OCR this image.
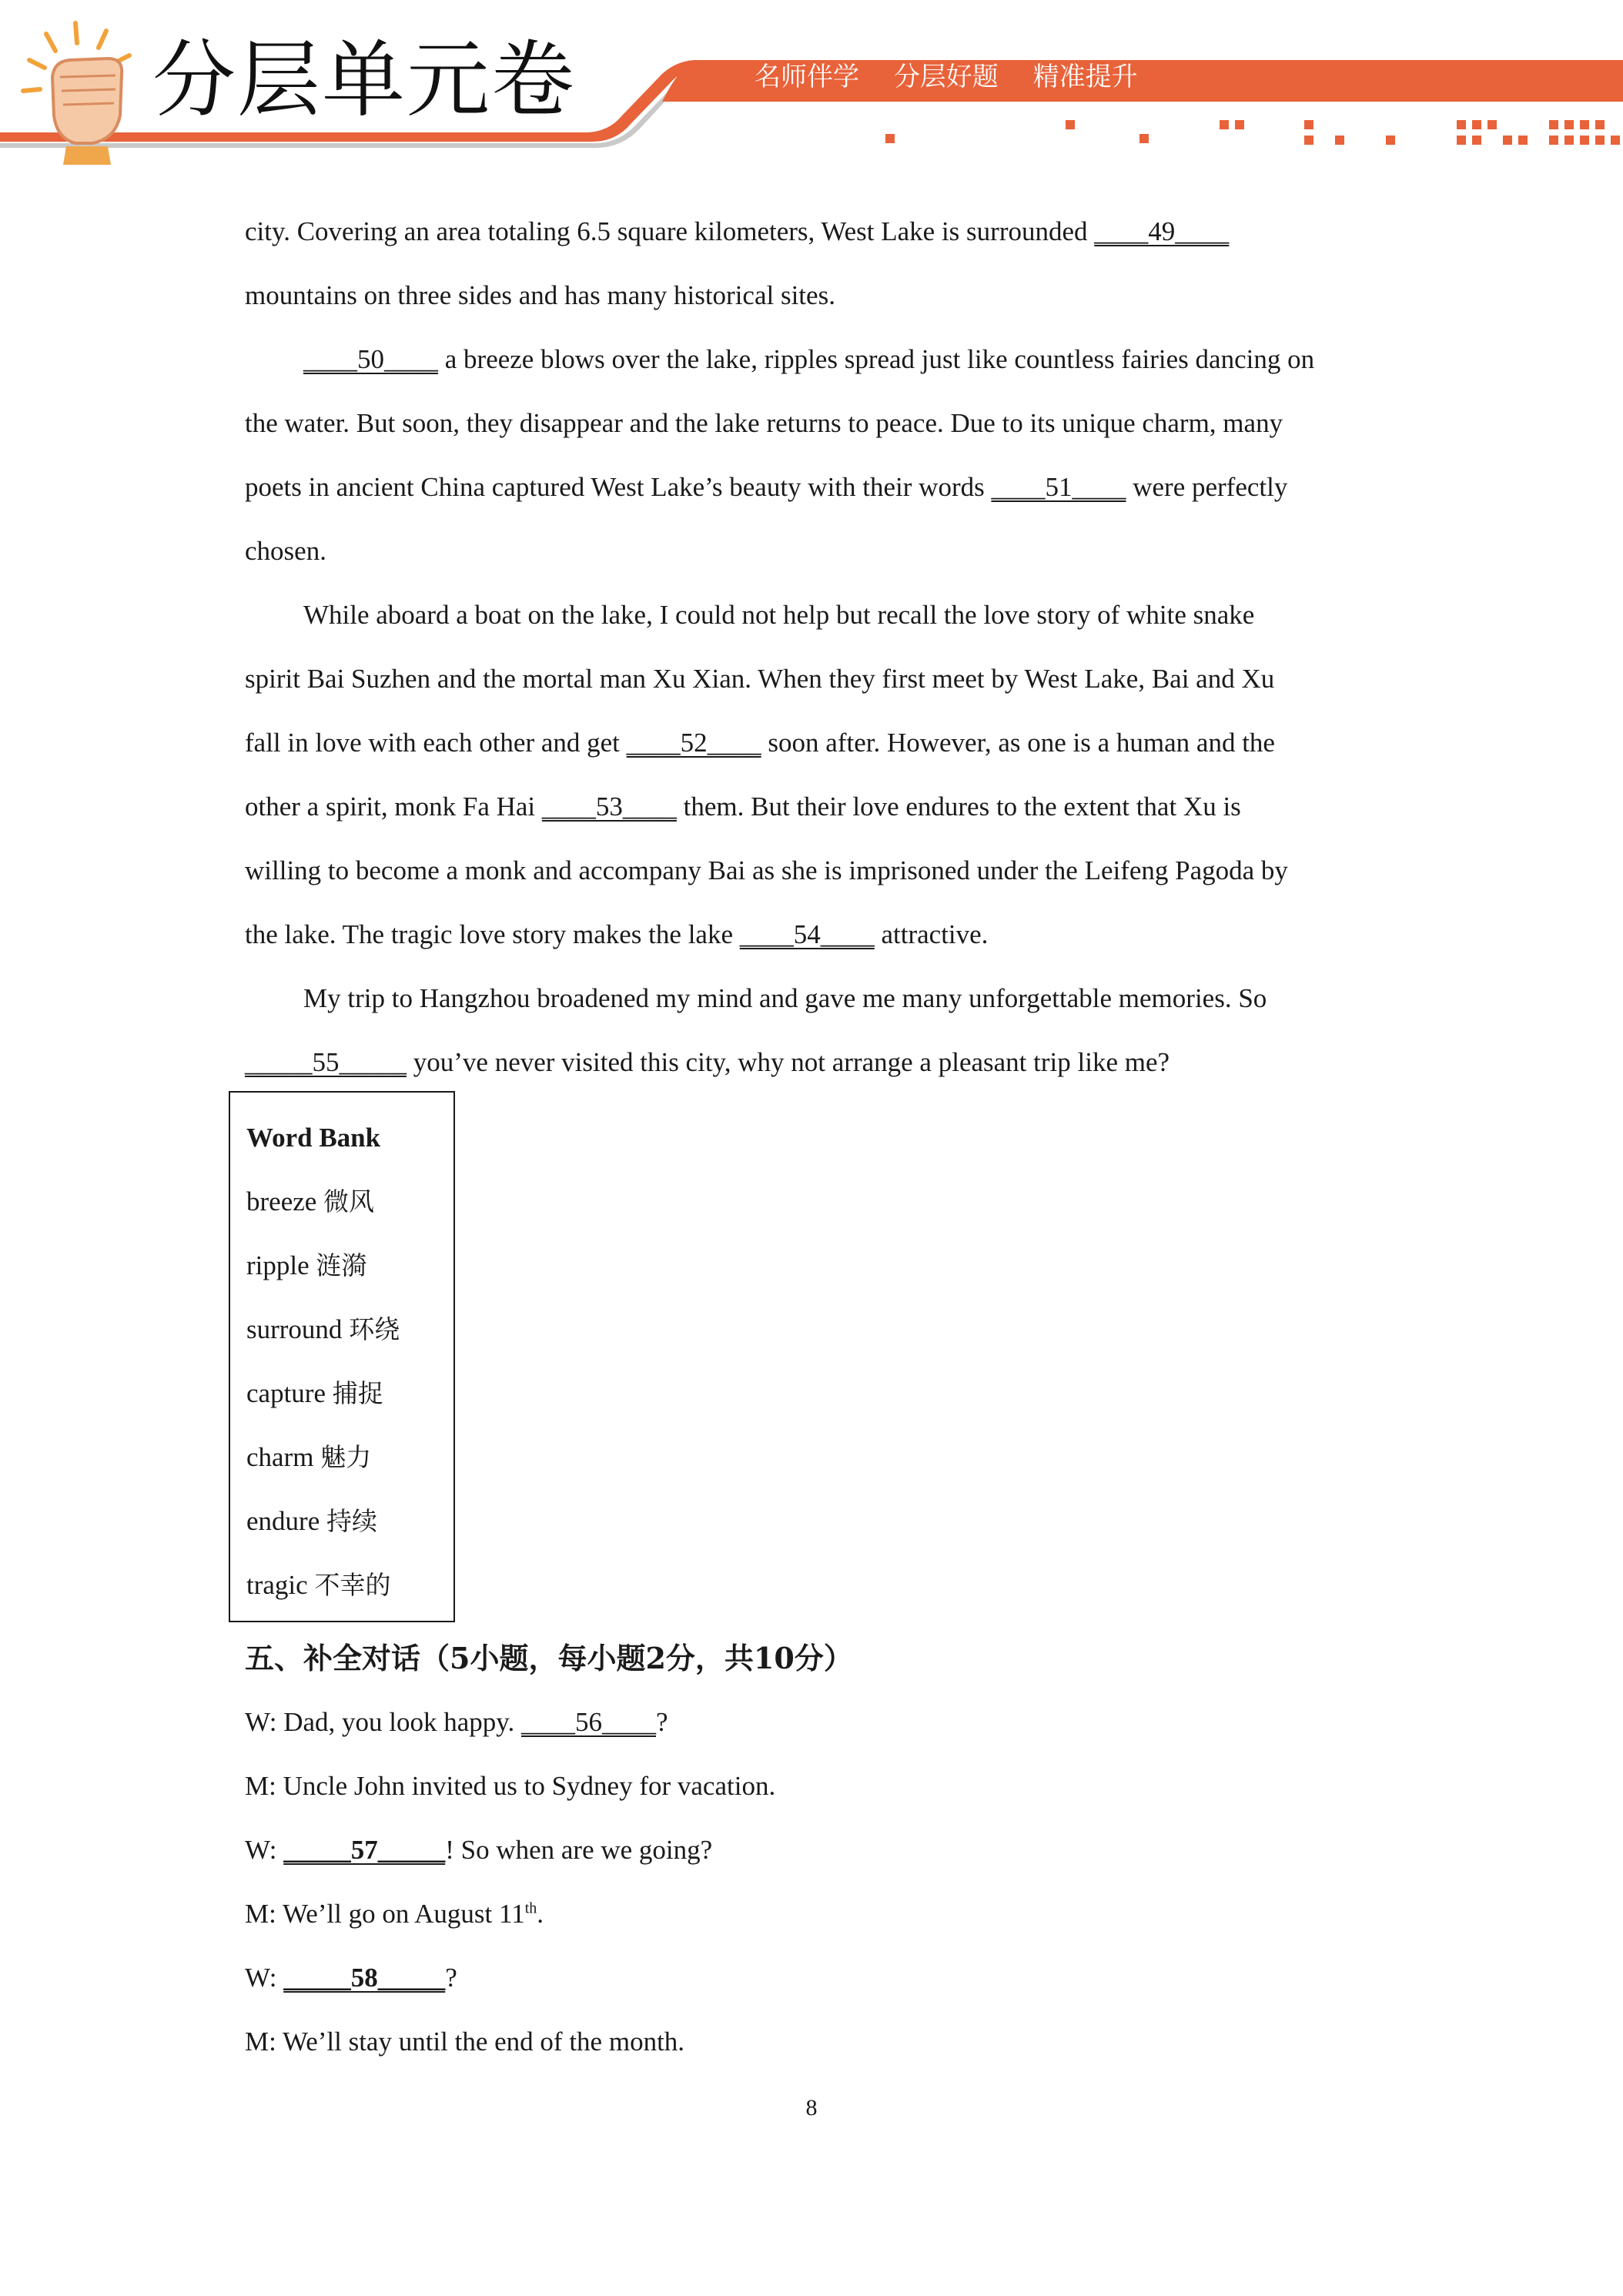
分层单元卷	名师伴学 分层好题 精准提升
city. Covering an area totaling 6.5 square kilometers, West Lake is surrounded ____49____
mountains on three sides and has many historical sites.
____50____ a breeze blows over the lake, ripples spread just like countless fairies dancing on
the water. But soon, they disappear and the lake returns to peace. Due to its unique charm, many
poets in ancient China captured West Lake’s beauty with their words ____51____ were perfectly
chosen.
While aboard a boat on the lake, I could not help but recall the love story of white snake
spirit Bai Suzhen and the mortal man Xu Xian. When they first meet by West Lake, Bai and Xu
fall in love with each other and get ____52____ soon after. However, as one is a human and the
other a spirit, monk Fa Hai ____53____ them. But their love endures to the extent that Xu is
willing to become a monk and accompany Bai as she is imprisoned under the Leifeng Pagoda by
the lake. The tragic love story makes the lake ____54____ attractive.
My trip to Hangzhou broadened my mind and gave me many unforgettable memories. So
_____55_____ you’ve never visited this city, why not arrange a pleasant trip like me?
Word Bank
breeze 微风
ripple 涟漪
surround 环绕
capture 捕捉
charm 魅力
endure 持续
tragic 不幸的
五、补全对话（5小题，每小题2分，共10分）
W: Dad, you look happy. ____56____?
M: Uncle John invited us to Sydney for vacation.
W: _____57_____! So when are we going?
M: We’ll go on August 11th.
W: _____58_____?
M: We’ll stay until the end of the month.
8
